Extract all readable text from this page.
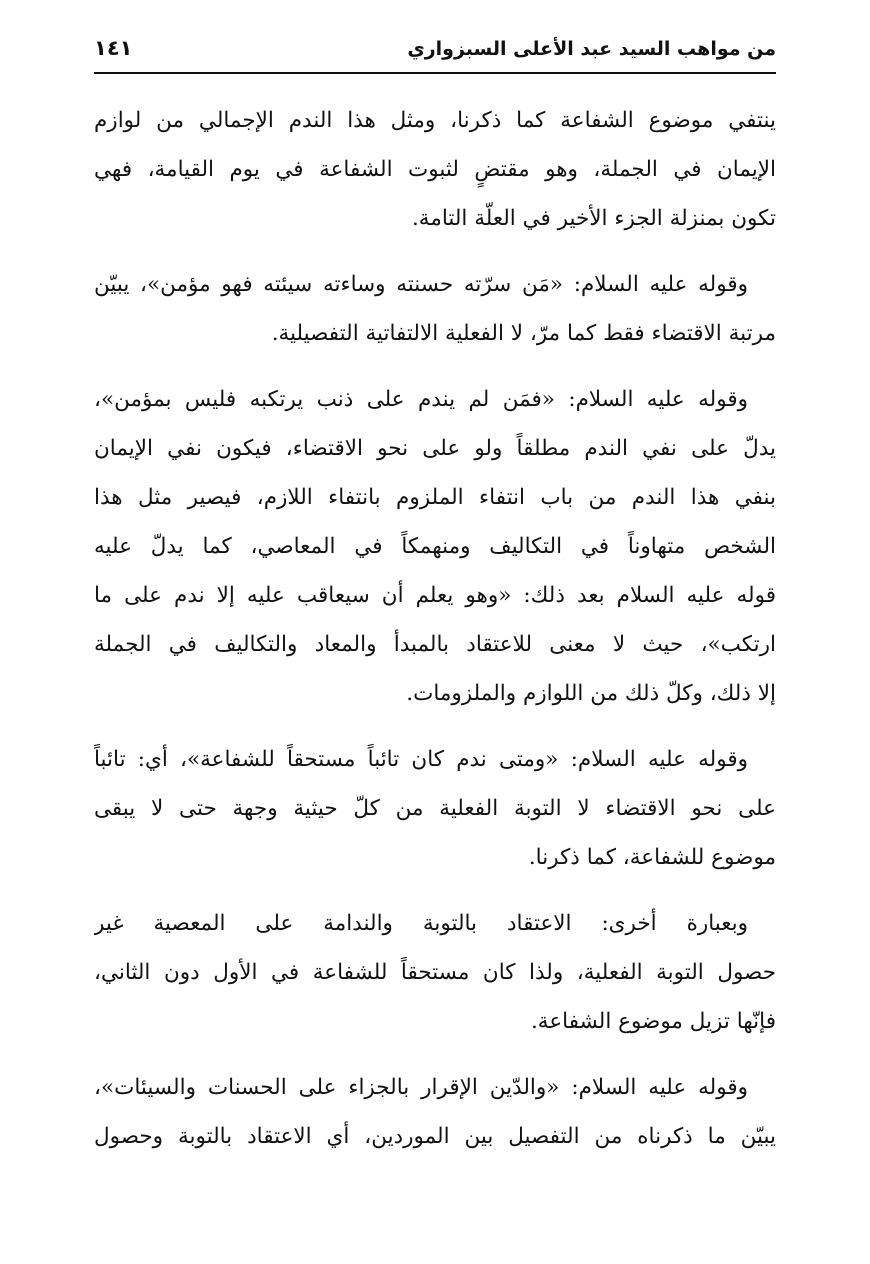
من مواهب السيد عبد الأعلى السبزواري
١٤١
ينتفي موضوع الشفاعة كما ذكرنا، ومثل هذا الندم الإجمالي من لوازم
الإيمان في الجملة، وهو مقتضٍ لثبوت الشفاعة في يوم القيامة، فهي
تكون بمنزلة الجزء الأخير في العلّة التامة.
وقوله عليه السلام: «مَن سرّته حسنته وساءته سيئته فهو مؤمن»، يبيّن
مرتبة الاقتضاء فقط كما مرّ، لا الفعلية الالتفاتية التفصيلية.
وقوله عليه السلام: «فمَن لم يندم على ذنب يرتكبه فليس بمؤمن»،
يدلّ على نفي الندم مطلقاً ولو على نحو الاقتضاء، فيكون نفي الإيمان
بنفي هذا الندم من باب انتفاء الملزوم بانتفاء اللازم، فيصير مثل هذا
الشخص متهاوناً في التكاليف ومنهمكاً في المعاصي، كما يدلّ عليه
قوله عليه السلام بعد ذلك: «وهو يعلم أن سيعاقب عليه إلا ندم على ما
ارتكب»، حيث لا معنى للاعتقاد بالمبدأ والمعاد والتكاليف في الجملة
إلا ذلك، وكلّ ذلك من اللوازم والملزومات.
وقوله عليه السلام: «ومتى ندم كان تائباً مستحقاً للشفاعة»، أي: تائباً
على نحو الاقتضاء لا التوبة الفعلية من كلّ حيثية وجهة حتى لا يبقى
موضوع للشفاعة، كما ذكرنا.
وبعبارة أخرى: الاعتقاد بالتوبة والندامة على المعصية غير
حصول التوبة الفعلية، ولذا كان مستحقاً للشفاعة في الأول دون الثاني،
فإنّها تزيل موضوع الشفاعة.
وقوله عليه السلام: «والدّين الإقرار بالجزاء على الحسنات والسيئات»،
يبيّن ما ذكرناه من التفصيل بين الموردين، أي الاعتقاد بالتوبة وحصول
